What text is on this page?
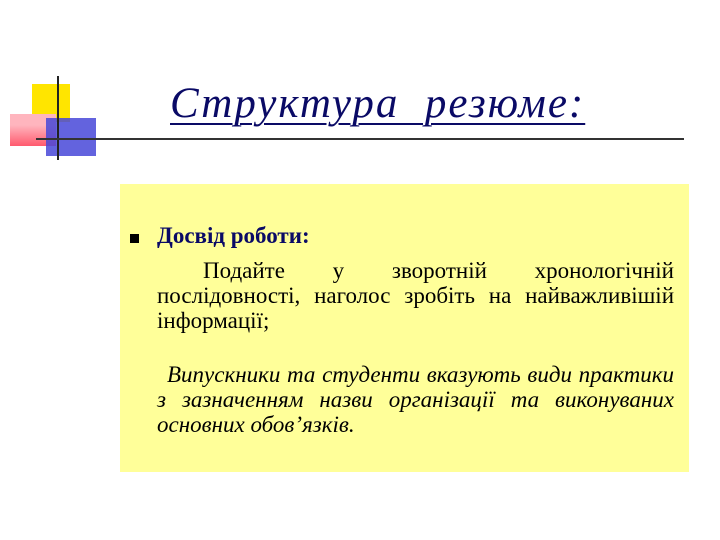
Структура  резюме:

Досвід роботи:

Подайте у зворотній хронологічній послідовності, наголос зробіть на найважливішій інформації;

Випускники та студенти вказують види практики з зазначенням назви організації та виконуваних основних обов’язків.
